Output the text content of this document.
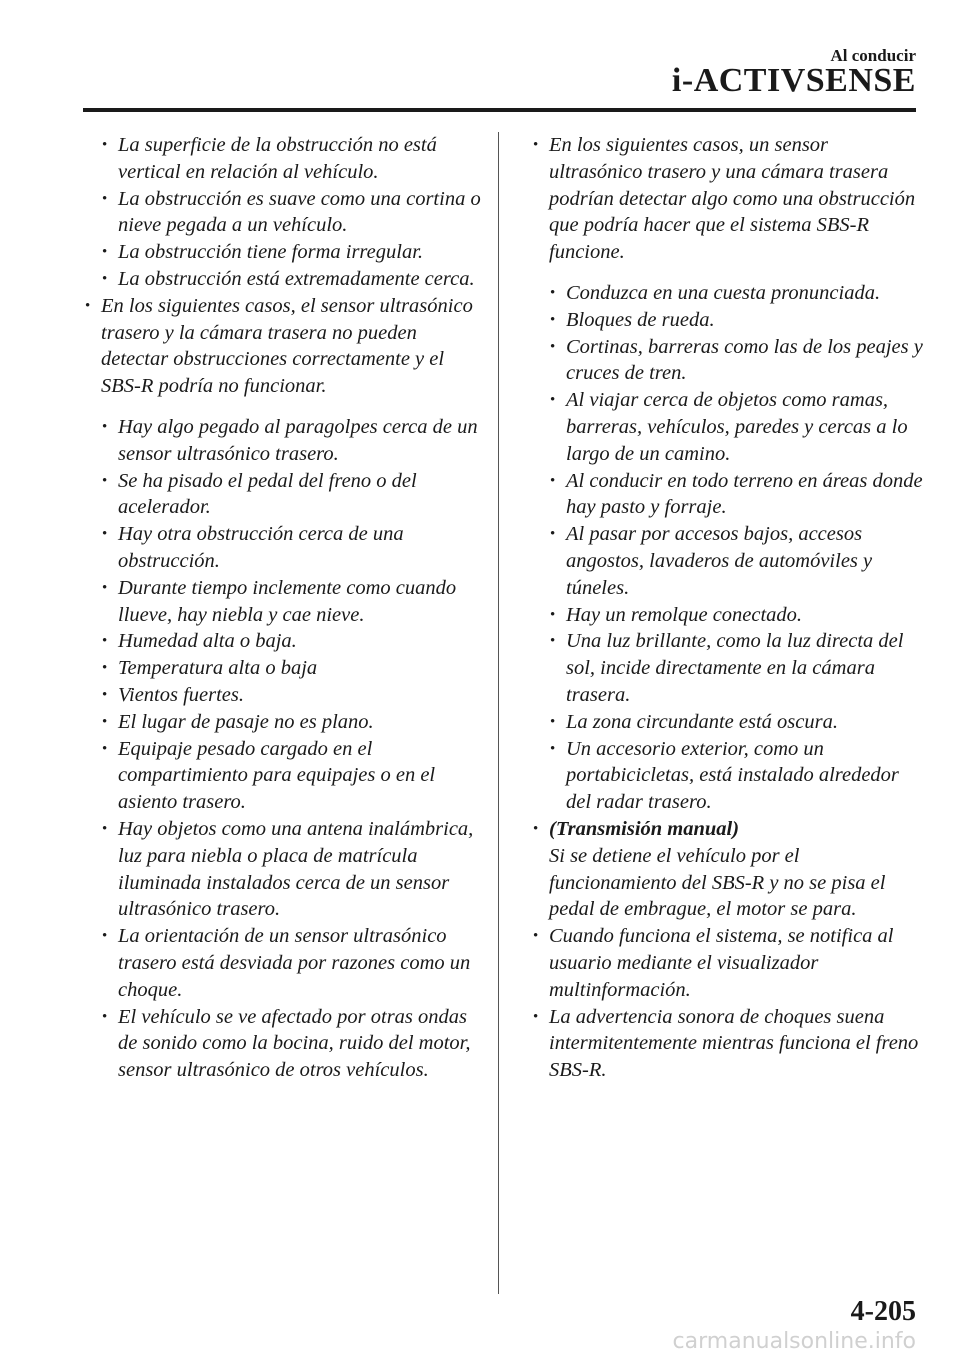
Al conducir
i-ACTIVSENSE
• La superficie de la obstrucción no está vertical en relación al vehículo.
• La obstrucción es suave como una cortina o nieve pegada a un vehículo.
• La obstrucción tiene forma irregular.
• La obstrucción está extremadamente cerca.
• En los siguientes casos, el sensor ultrasónico trasero y la cámara trasera no pueden detectar obstrucciones correctamente y el SBS-R podría no funcionar.
• Hay algo pegado al paragolpes cerca de un sensor ultrasónico trasero.
• Se ha pisado el pedal del freno o del acelerador.
• Hay otra obstrucción cerca de una obstrucción.
• Durante tiempo inclemente como cuando llueve, hay niebla y cae nieve.
• Humedad alta o baja.
• Temperatura alta o baja
• Vientos fuertes.
• El lugar de pasaje no es plano.
• Equipaje pesado cargado en el compartimiento para equipajes o en el asiento trasero.
• Hay objetos como una antena inalámbrica, luz para niebla o placa de matrícula iluminada instalados cerca de un sensor ultrasónico trasero.
• La orientación de un sensor ultrasónico trasero está desviada por razones como un choque.
• El vehículo se ve afectado por otras ondas de sonido como la bocina, ruido del motor, sensor ultrasónico de otros vehículos.
• En los siguientes casos, un sensor ultrasónico trasero y una cámara trasera podrían detectar algo como una obstrucción que podría hacer que el sistema SBS-R funcione.
• Conduzca en una cuesta pronunciada.
• Bloques de rueda.
• Cortinas, barreras como las de los peajes y cruces de tren.
• Al viajar cerca de objetos como ramas, barreras, vehículos, paredes y cercas a lo largo de un camino.
• Al conducir en todo terreno en áreas donde hay pasto y forraje.
• Al pasar por accesos bajos, accesos angostos, lavaderos de automóviles y túneles.
• Hay un remolque conectado.
• Una luz brillante, como la luz directa del sol, incide directamente en la cámara trasera.
• La zona circundante está oscura.
• Un accesorio exterior, como un portabicicletas, está instalado alrededor del radar trasero.
• (Transmisión manual)
Si se detiene el vehículo por el funcionamiento del SBS-R y no se pisa el pedal de embrague, el motor se para.
• Cuando funciona el sistema, se notifica al usuario mediante el visualizador multinformación.
• La advertencia sonora de choques suena intermitentemente mientras funciona el freno SBS-R.
4-205
carmanualsonline.info
